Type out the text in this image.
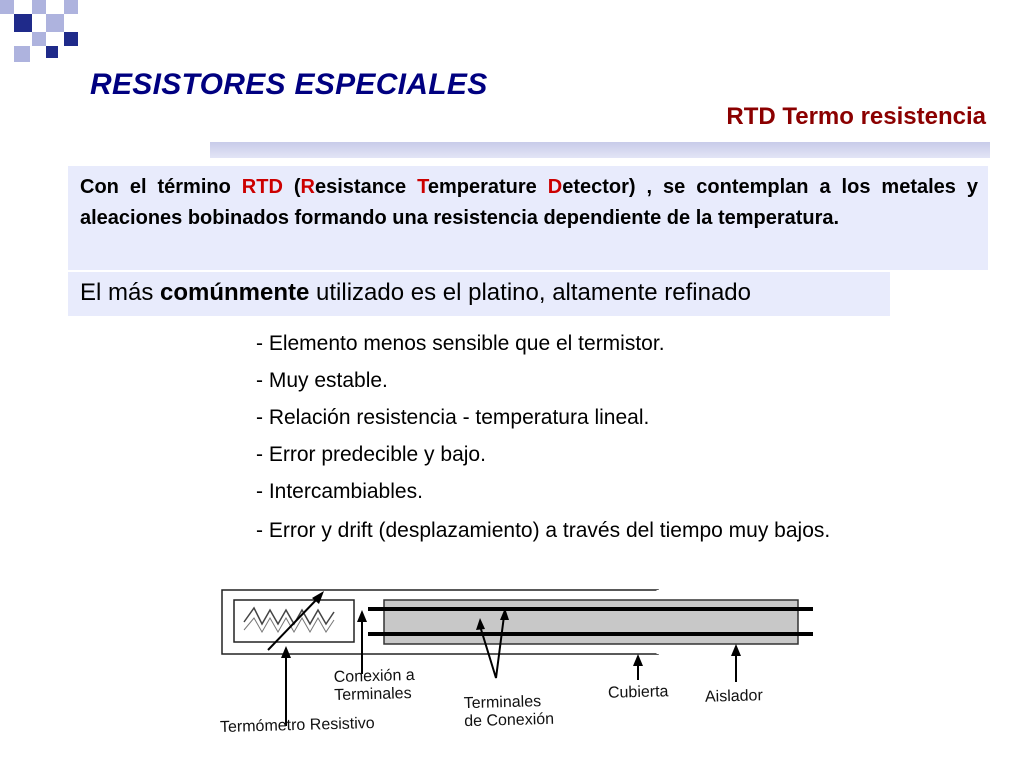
RESISTORES ESPECIALES
RTD Termo resistencia
Con el término RTD (Resistance Temperature Detector) , se contemplan a los metales y aleaciones bobinados formando una resistencia dependiente de la temperatura.
El más comúnmente utilizado es el platino, altamente refinado
- Elemento menos sensible que el termistor.
- Muy estable.
- Relación resistencia - temperatura lineal.
- Error predecible y bajo.
- Intercambiables.
- Error y drift (desplazamiento) a través del tiempo muy bajos.
Conexión a
Terminales	Terminales
de Conexión
Cubierta Aislador
Termómetro Resistivo
